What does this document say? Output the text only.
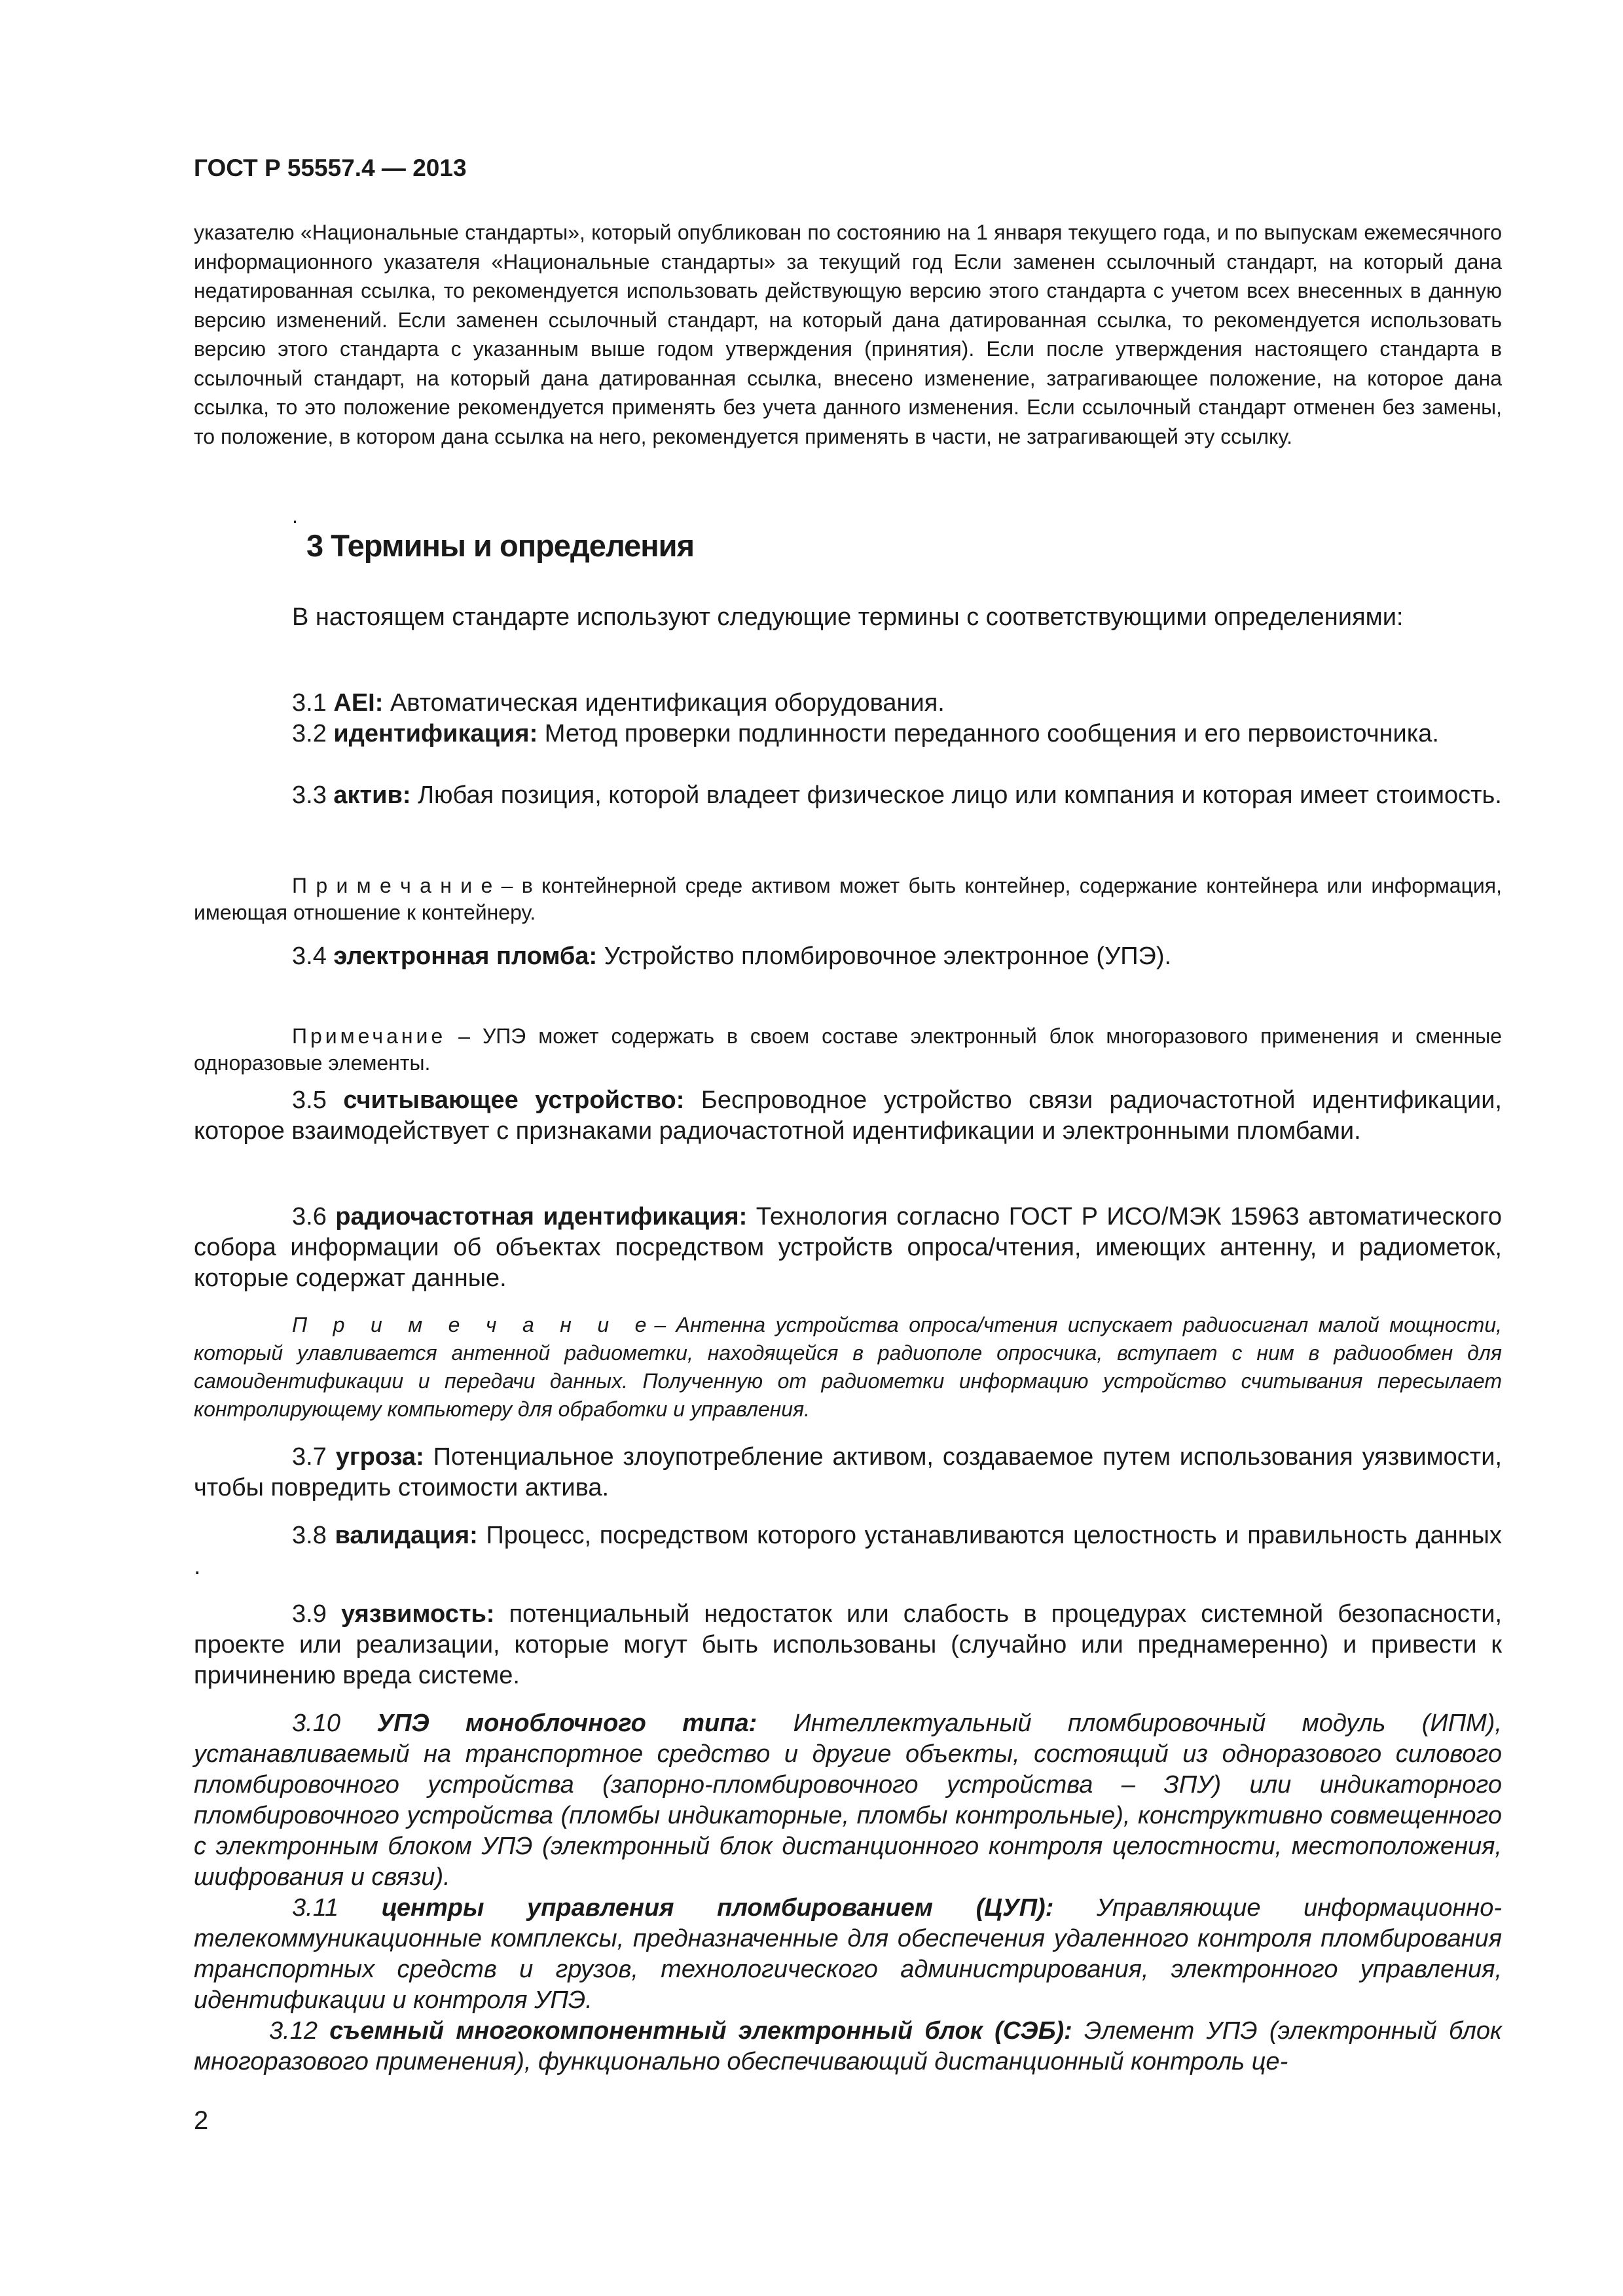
ГОСТ Р 55557.4 — 2013
указателю «Национальные стандарты», который опубликован по состоянию на 1 января текущего года, и по выпускам ежемесячного информационного указателя «Национальные стандарты» за текущий год Если заменен ссылочный стандарт, на который дана недатированная ссылка, то рекомендуется использовать действующую версию этого стандарта с учетом всех внесенных в данную версию изменений. Если заменен ссылочный стандарт, на который дана датированная ссылка, то рекомендуется использовать версию этого стандарта с указанным выше годом утверждения (принятия). Если после утверждения настоящего стандарта в ссылочный стандарт, на который дана датированная ссылка, внесено изменение, затрагивающее положение, на которое дана ссылка, то это положение рекомендуется применять без учета данного изменения. Если ссылочный стандарт отменен без замены, то положение, в котором дана ссылка на него, рекомендуется применять в части, не затрагивающей эту ссылку.
.
3 Термины и определения

В настоящем стандарте используют следующие термины с соответствующими определениями:

3.1 AEI: Автоматическая идентификация оборудования.

3.2 идентификация: Метод проверки подлинности переданного сообщения и его первоисточника.

3.3 актив: Любая позиция, которой владеет физическое лицо или компания и которая имеет стоимость.

П р и м е ч а н и е – в контейнерной среде активом может быть контейнер, содержание контейнера или информация, имеющая отношение к контейнеру.

3.4 электронная пломба: Устройство пломбировочное электронное (УПЭ).

Примечание – УПЭ может содержать в своем составе электронный блок многоразового применения и сменные одноразовые элементы.

3.5 считывающее устройство: Беспроводное устройство связи радиочастотной идентификации, которое взаимодействует с признаками радиочастотной идентификации и электронными пломбами.

3.6 радиочастотная идентификация: Технология согласно ГОСТ Р ИСО/МЭК 15963 автоматического собора информации об объектах посредством устройств опроса/чтения, имеющих антенну, и радиометок, которые содержат данные.

П р и м е ч а н и е– Антенна устройства опроса/чтения испускает радиосигнал малой мощности, который улавливается антенной радиометки, находящейся в радиополе опросчика, вступает с ним в радиообмен для самоидентификации и передачи данных. Полученную от радиометки информацию устройство считывания пересылает контролирующему компьютеру для обработки и управления.

3.7 угроза: Потенциальное злоупотребление активом, создаваемое путем использования уязвимости, чтобы повредить стоимости актива.

3.8 валидация: Процесс, посредством которого устанавливаются целостность и правильность данных .

3.9 уязвимость: потенциальный недостаток или слабость в процедурах системной безопасности, проекте или реализации, которые могут быть использованы (случайно или преднамеренно) и привести к причинению вреда системе.

3.10 УПЭ моноблочного типа: Интеллектуальный пломбировочный модуль (ИПМ), устанавливаемый на транспортное средство и другие объекты, состоящий из одноразового силового пломбировочного устройства (запорно-пломбировочного устройства – ЗПУ) или индикаторного пломбировочного устройства (пломбы индикаторные, пломбы контрольные), конструктивно совмещенного с электронным блоком УПЭ (электронный блок дистанционного контроля целостности, местоположения, шифрования и связи).

3.11 центры управления пломбированием (ЦУП): Управляющие информационно-телекоммуникационные комплексы, предназначенные для обеспечения удаленного контроля пломбирования транспортных средств и грузов, технологического администрирования, электронного управления, идентификации и контроля УПЭ.

3.12 съемный многокомпонентный электронный блок (СЭБ): Элемент УПЭ (электронный блок многоразового применения), функционально обеспечивающий дистанционный контроль це-

2
